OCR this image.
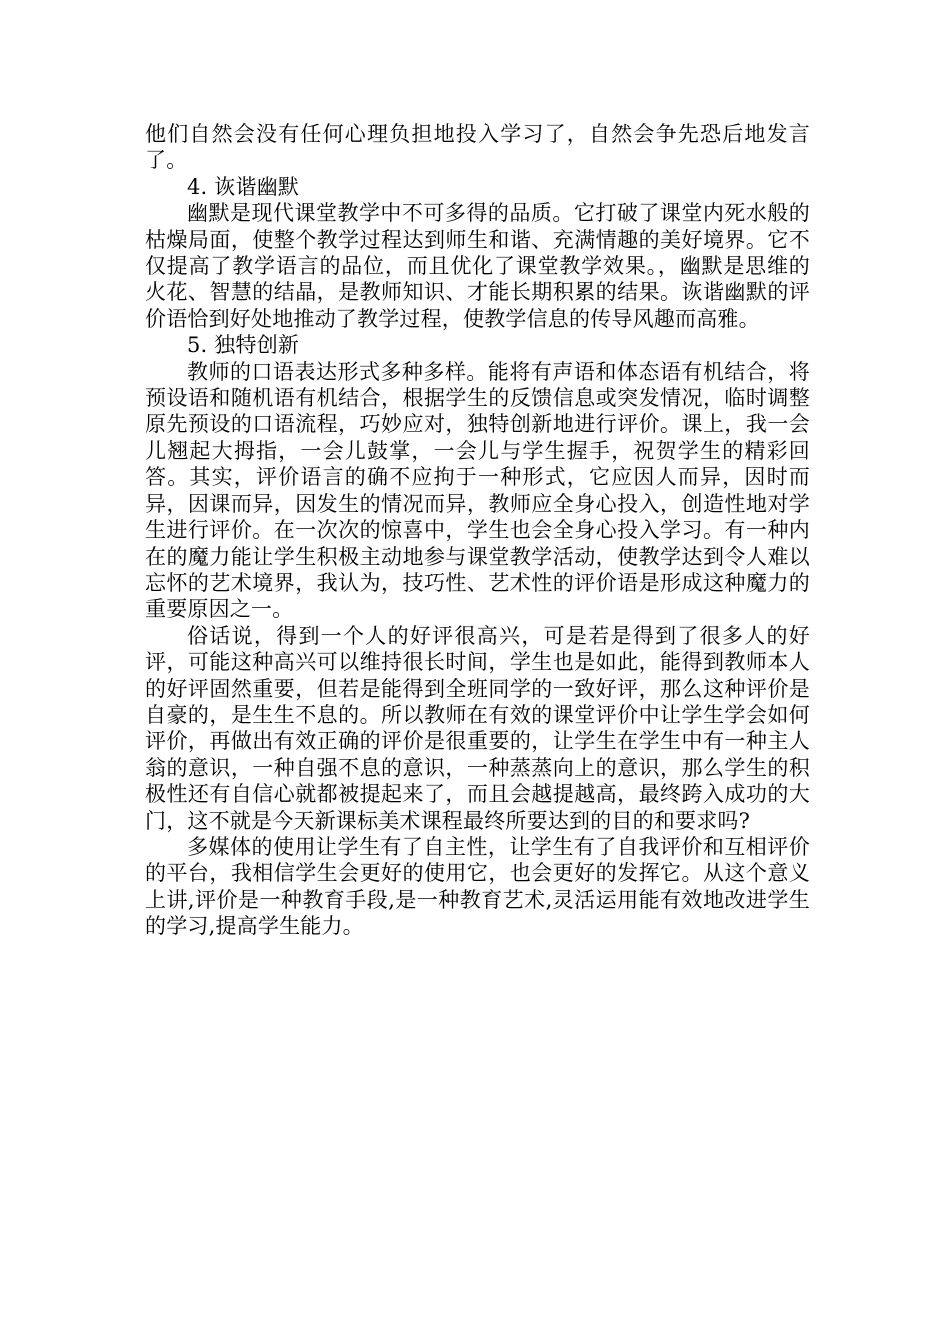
他们自然会没有任何心理负担地投入学习了，自然会争先恐后地发言了。

4. 诙谐幽默

幽默是现代课堂教学中不可多得的品质。它打破了课堂内死水般的枯燥局面，使整个教学过程达到师生和谐、充满情趣的美好境界。它不仅提高了教学语言的品位，而且优化了课堂教学效果。，幽默是思维的火花、智慧的结晶，是教师知识、才能长期积累的结果。诙谐幽默的评价语恰到好处地推动了教学过程，使教学信息的传导风趣而高雅。

5. 独特创新

教师的口语表达形式多种多样。能将有声语和体态语有机结合，将预设语和随机语有机结合，根据学生的反馈信息或突发情况，临时调整原先预设的口语流程，巧妙应对，独特创新地进行评价。课上，我一会儿翘起大拇指，一会儿鼓掌，一会儿与学生握手，祝贺学生的精彩回答。其实，评价语言的确不应拘于一种形式，它应因人而异，因时而异，因课而异，因发生的情况而异，教师应全身心投入，创造性地对学生进行评价。在一次次的惊喜中，学生也会全身心投入学习。有一种内在的魔力能让学生积极主动地参与课堂教学活动，使教学达到令人难以忘怀的艺术境界，我认为，技巧性、艺术性的评价语是形成这种魔力的重要原因之一。

俗话说，得到一个人的好评很高兴，可是若是得到了很多人的好评，可能这种高兴可以维持很长时间，学生也是如此，能得到教师本人的好评固然重要，但若是能得到全班同学的一致好评，那么这种评价是自豪的，是生生不息的。所以教师在有效的课堂评价中让学生学会如何评价，再做出有效正确的评价是很重要的，让学生在学生中有一种主人翁的意识，一种自强不息的意识，一种蒸蒸向上的意识，那么学生的积极性还有自信心就都被提起来了，而且会越提越高，最终跨入成功的大门，这不就是今天新课标美术课程最终所要达到的目的和要求吗?

多媒体的使用让学生有了自主性，让学生有了自我评价和互相评价的平台，我相信学生会更好的使用它，也会更好的发挥它。从这个意义上讲,评价是一种教育手段,是一种教育艺术,灵活运用能有效地改进学生的学习,提高学生能力。
